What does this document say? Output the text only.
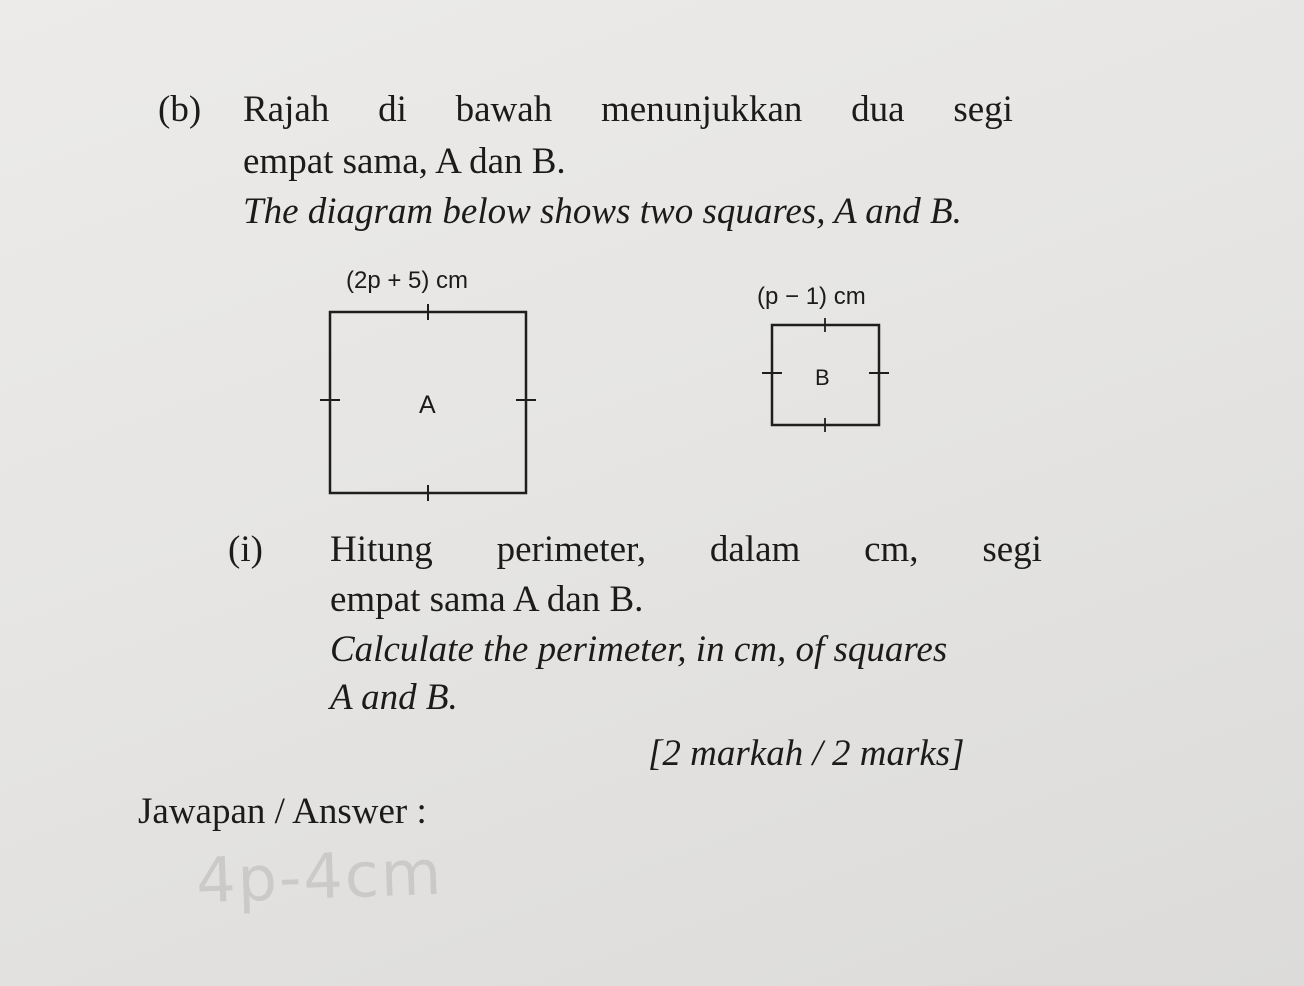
(b) Rajah di bawah menunjukkan dua segi
empat sama, A dan B.
The diagram below shows two squares, A and B.
(2p + 5) cm
A
(p − 1) cm
B
(i) Hitung perimeter, dalam cm, segi
empat sama A dan B.
Calculate the perimeter, in cm, of squares
A and B.
[2 markah / 2 marks]
Jawapan / Answer :
4p-4cm
